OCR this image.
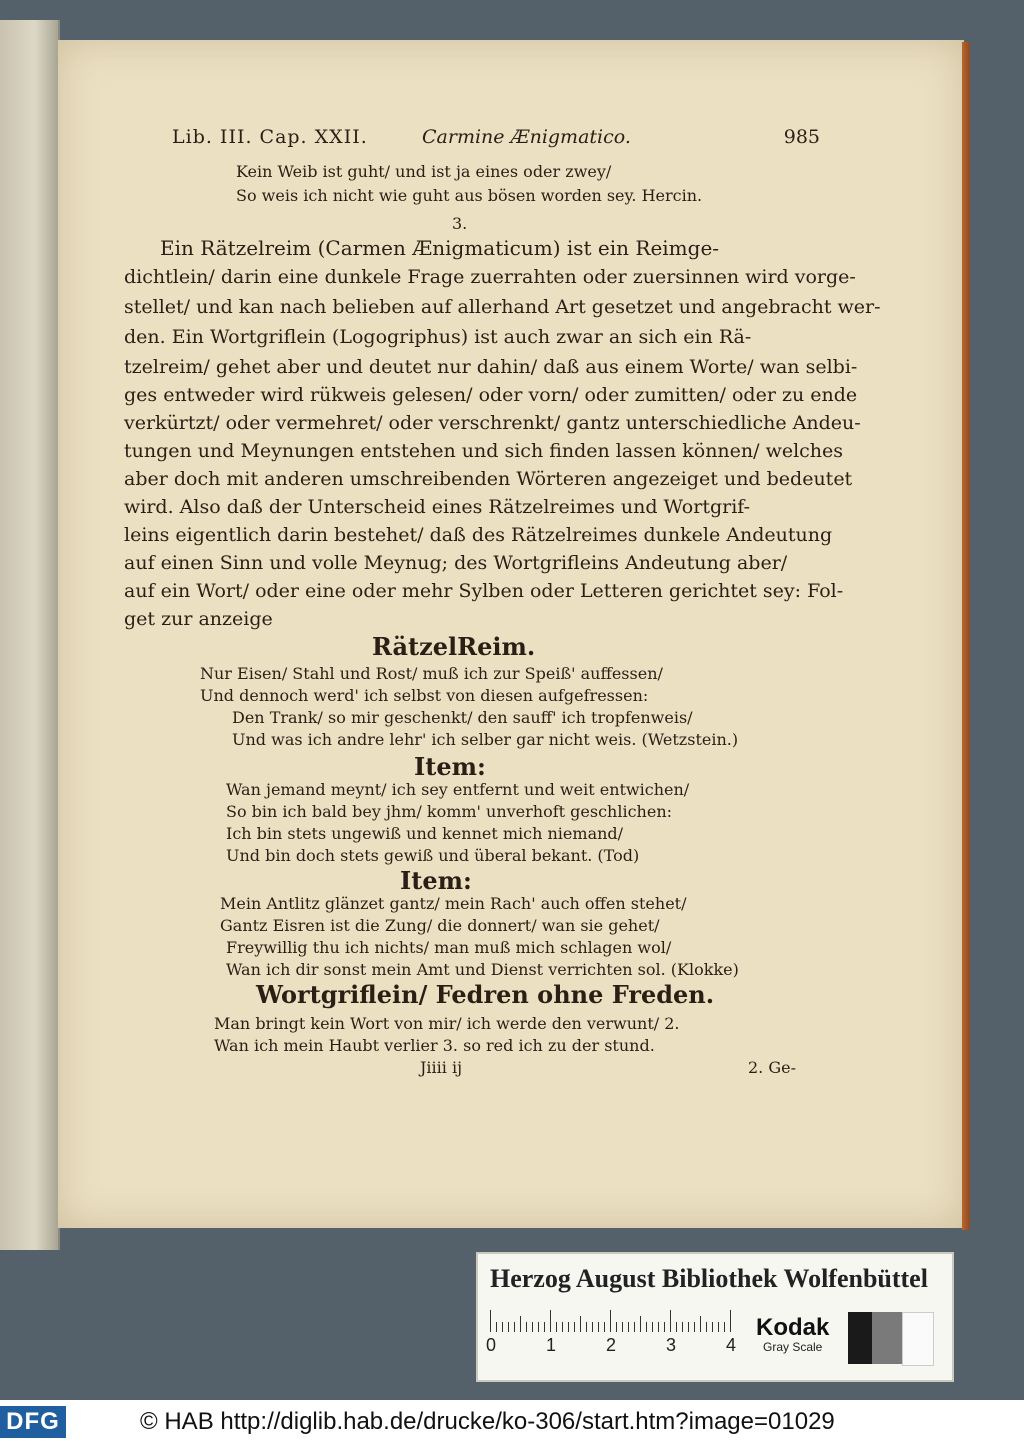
Lib. III. Cap. XXII.	Carmine Ænigmatico.	985
Kein Weib ist guht/ und ist ja eines oder zwey/
So weis ich nicht wie guht aus bösen worden sey. Hercin.
3.
Ein Rätzelreim (Carmen Ænigmaticum) ist ein Reimge-
dichtlein/ darin eine dunkele Frage zuerrahten oder zuersinnen wird vorge-
stellet/ und kan nach belieben auf allerhand Art gesetzet und angebracht wer-
den. Ein Wortgriflein (Logogriphus) ist auch zwar an sich ein Rä-
tzelreim/ gehet aber und deutet nur dahin/ daß aus einem Worte/ wan selbi-
ges entweder wird rükweis gelesen/ oder vorn/ oder zumitten/ oder zu ende
verkürtzt/ oder vermehret/ oder verschrenkt/ gantz unterschiedliche Andeu-
tungen und Meynungen entstehen und sich finden lassen können/ welches
aber doch mit anderen umschreibenden Wörteren angezeiget und bedeutet
wird. Also daß der Unterscheid eines Rätzelreimes und Wortgrif-
leins eigentlich darin bestehet/ daß des Rätzelreimes dunkele Andeutung
auf einen Sinn und volle Meynug; des Wortgrifleins Andeutung aber/
auf ein Wort/ oder eine oder mehr Sylben oder Letteren gerichtet sey: Fol-
get zur anzeige
RätzelReim.
Nur Eisen/ Stahl und Rost/ muß ich zur Speiß' auffessen/
Und dennoch werd' ich selbst von diesen aufgefressen:
Den Trank/ so mir geschenkt/ den sauff' ich tropfenweis/
Und was ich andre lehr' ich selber gar nicht weis. (Wetzstein.)
Item:
Wan jemand meynt/ ich sey entfernt und weit entwichen/
So bin ich bald bey jhm/ komm' unverhoft geschlichen:
Ich bin stets ungewiß und kennet mich niemand/
Und bin doch stets gewiß und überal bekant. (Tod)
Item:
Mein Antlitz glänzet gantz/ mein Rach' auch offen stehet/
Gantz Eisren ist die Zung/ die donnert/ wan sie gehet/
Freywillig thu ich nichts/ man muß mich schlagen wol/
Wan ich dir sonst mein Amt und Dienst verrichten sol. (Klokke)
Wortgriflein/ Fedren ohne Freden.
Man bringt kein Wort von mir/ ich werde den verwunt/ 2.
Wan ich mein Haubt verlier 3. so red ich zu der stund.
Jiiii ij	2. Ge-
Herzog August Bibliothek Wolfenbüttel
0	1	2	3	4
Kodak
Gray Scale
DFG	© HAB http://diglib.hab.de/drucke/ko-306/start.htm?image=01029
